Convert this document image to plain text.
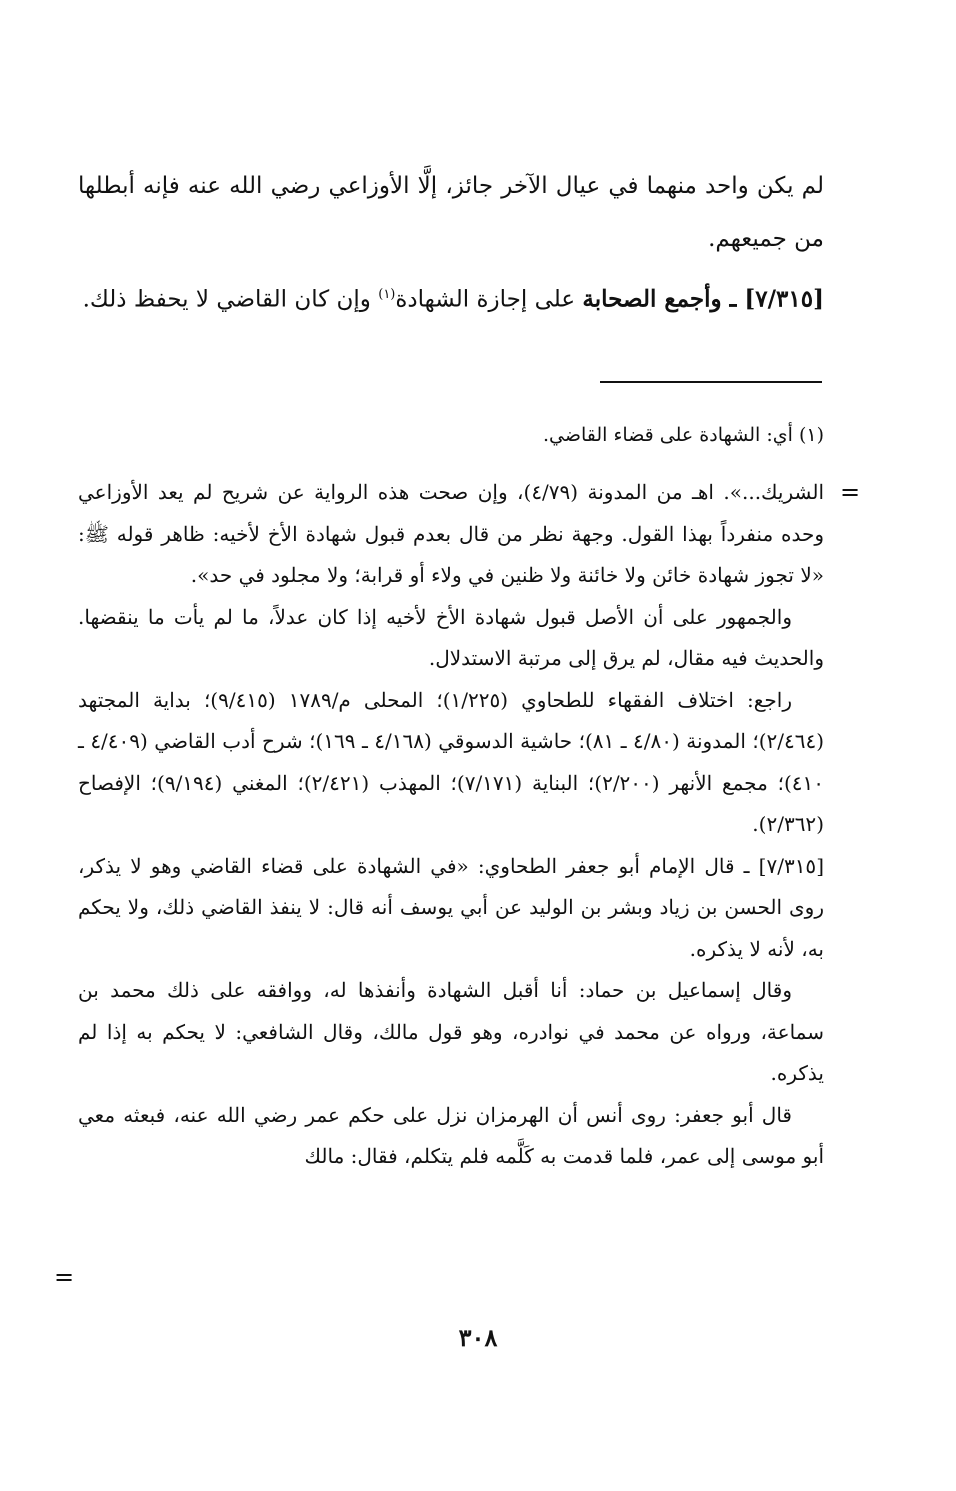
لم يكن واحد منهما في عيال الآخر جائز، إلَّا الأوزاعي رضي الله عنه فإنه أبطلها من جميعهم.

[٧/٣١٥] ـ وأجمع الصحابة على إجازة الشهادة$^{(١)}$ وإن كان القاضي لا يحفظ ذلك.

(١) أي: الشهادة على قضاء القاضي.
=

الشريك...». اهـ من المدونة (٤/٧٩)، وإن صحت هذه الرواية عن شريح لم يعد الأوزاعي وحده منفرداً بهذا القول. وجهة نظر من قال بعدم قبول شهادة الأخ لأخيه: ظاهر قوله ﷺ: «لا تجوز شهادة خائن ولا خائنة ولا ظنين في ولاء أو قرابة؛ ولا مجلود في حد».

والجمهور على أن الأصل قبول شهادة الأخ لأخيه إذا كان عدلاً، ما لم يأت ما ينقضها. والحديث فيه مقال، لم يرق إلى مرتبة الاستدلال.

راجع: اختلاف الفقهاء للطحاوي (١/٢٢٥)؛ المحلى م/١٧٨٩ (٩/٤١٥)؛ بداية المجتهد (٢/٤٦٤)؛ المدونة (٤/٨٠ ـ ٨١)؛ حاشية الدسوقي (٤/١٦٨ ـ ١٦٩)؛ شرح أدب القاضي (٤/٤٠٩ ـ ٤١٠)؛ مجمع الأنهر (٢/٢٠٠)؛ البناية (٧/١٧١)؛ المهذب (٢/٤٢١)؛ المغني (٩/١٩٤)؛ الإفصاح (٢/٣٦٢).

[٧/٣١٥] ـ قال الإمام أبو جعفر الطحاوي: «في الشهادة على قضاء القاضي وهو لا يذكر، روى الحسن بن زياد وبشر بن الوليد عن أبي يوسف أنه قال: لا ينفذ القاضي ذلك، ولا يحكم به، لأنه لا يذكره.

وقال إسماعيل بن حماد: أنا أقبل الشهادة وأنفذها له، ووافقه على ذلك محمد بن سماعة، ورواه عن محمد في نوادره، وهو قول مالك، وقال الشافعي: لا يحكم به إذا لم يذكره.

قال أبو جعفر: روى أنس أن الهرمزان نزل على حكم عمر رضي الله عنه، فبعثه معي أبو موسى إلى عمر، فلما قدمت به كَلَّمه فلم يتكلم، فقال: مالك

=
٣٠٨
